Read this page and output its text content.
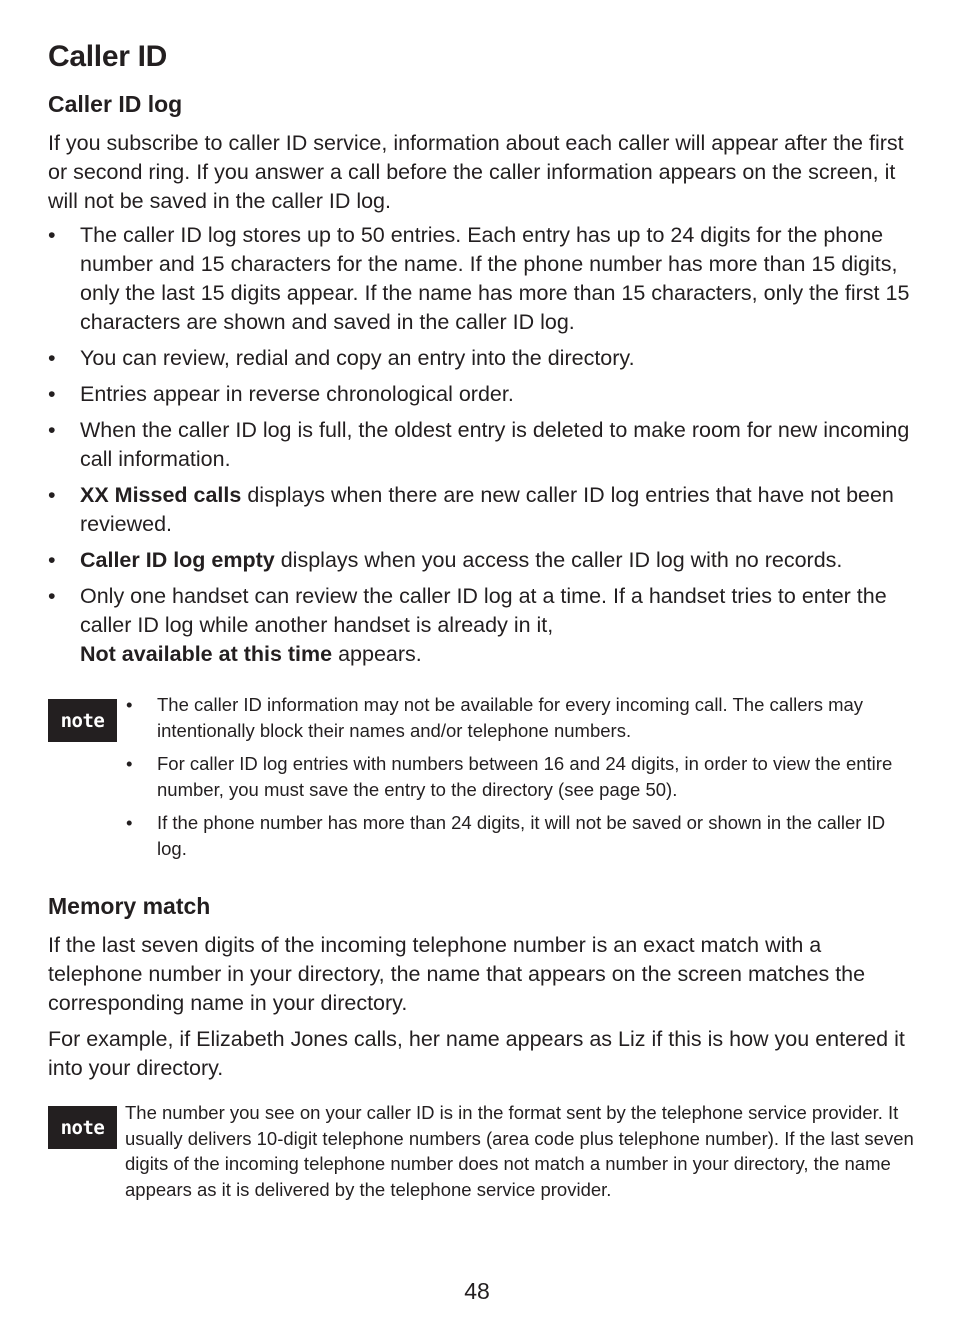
Caller ID
Caller ID log

If you subscribe to caller ID service, information about each caller will appear after the first or second ring. If you answer a call before the caller information appears on the screen, it will not be saved in the caller ID log.

• The caller ID log stores up to 50 entries. Each entry has up to 24 digits for the phone number and 15 characters for the name. If the phone number has more than 15 digits, only the last 15 digits appear. If the name has more than 15 characters, only the first 15 characters are shown and saved in the caller ID log.
• You can review, redial and copy an entry into the directory.
• Entries appear in reverse chronological order.
• When the caller ID log is full, the oldest entry is deleted to make room for new incoming call information.
• XX Missed calls displays when there are new caller ID log entries that have not been reviewed.
• Caller ID log empty displays when you access the caller ID log with no records.
• Only one handset can review the caller ID log at a time. If a handset tries to enter the caller ID log while another handset is already in it,
Not available at this time appears.
note
• The caller ID information may not be available for every incoming call. The callers may intentionally block their names and/or telephone numbers.
• For caller ID log entries with numbers between 16 and 24 digits, in order to view the entire number, you must save the entry to the directory (see page 50).
• If the phone number has more than 24 digits, it will not be saved or shown in the caller ID log.
Memory match

If the last seven digits of the incoming telephone number is an exact match with a telephone number in your directory, the name that appears on the screen matches the corresponding name in your directory.

For example, if Elizabeth Jones calls, her name appears as Liz if this is how you entered it into your directory.

note

The number you see on your caller ID is in the format sent by the telephone service provider. It usually delivers 10-digit telephone numbers (area code plus telephone number). If the last seven digits of the incoming telephone number does not match a number in your directory, the name appears as it is delivered by the telephone service provider.

48
